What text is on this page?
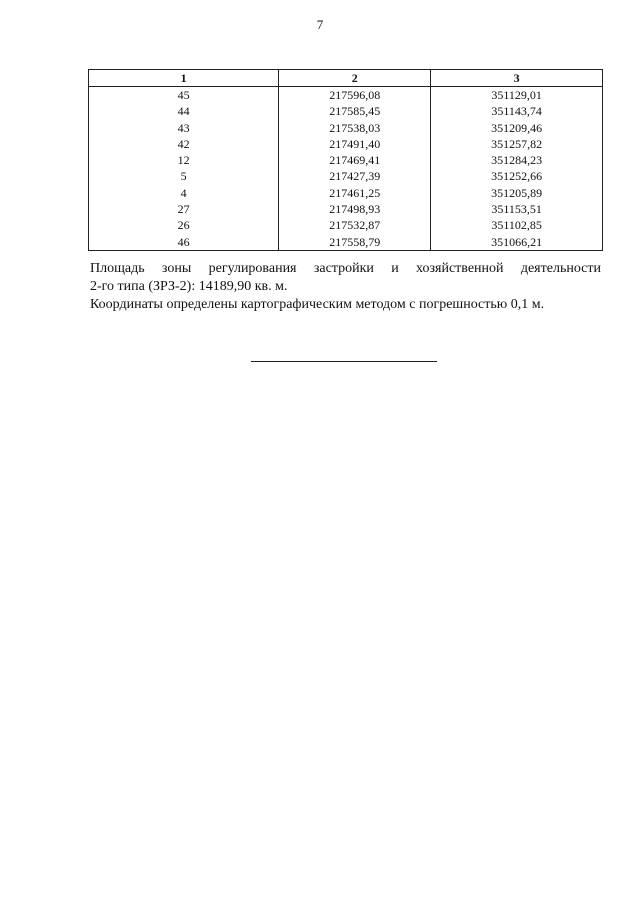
7
1	2	3
45	217596,08	351129,01
44	217585,45	351143,74
43	217538,03	351209,46
42	217491,40	351257,82
12	217469,41	351284,23
5	217427,39	351252,66
4	217461,25	351205,89
27	217498,93	351153,51
26	217532,87	351102,85
46	217558,79	351066,21

Площадь зоны регулирования застройки и хозяйственной деятельности

2-го типа (ЗРЗ-2): 14189,90 кв. м.

Координаты определены картографическим методом с погрешностью 0,1 м.
